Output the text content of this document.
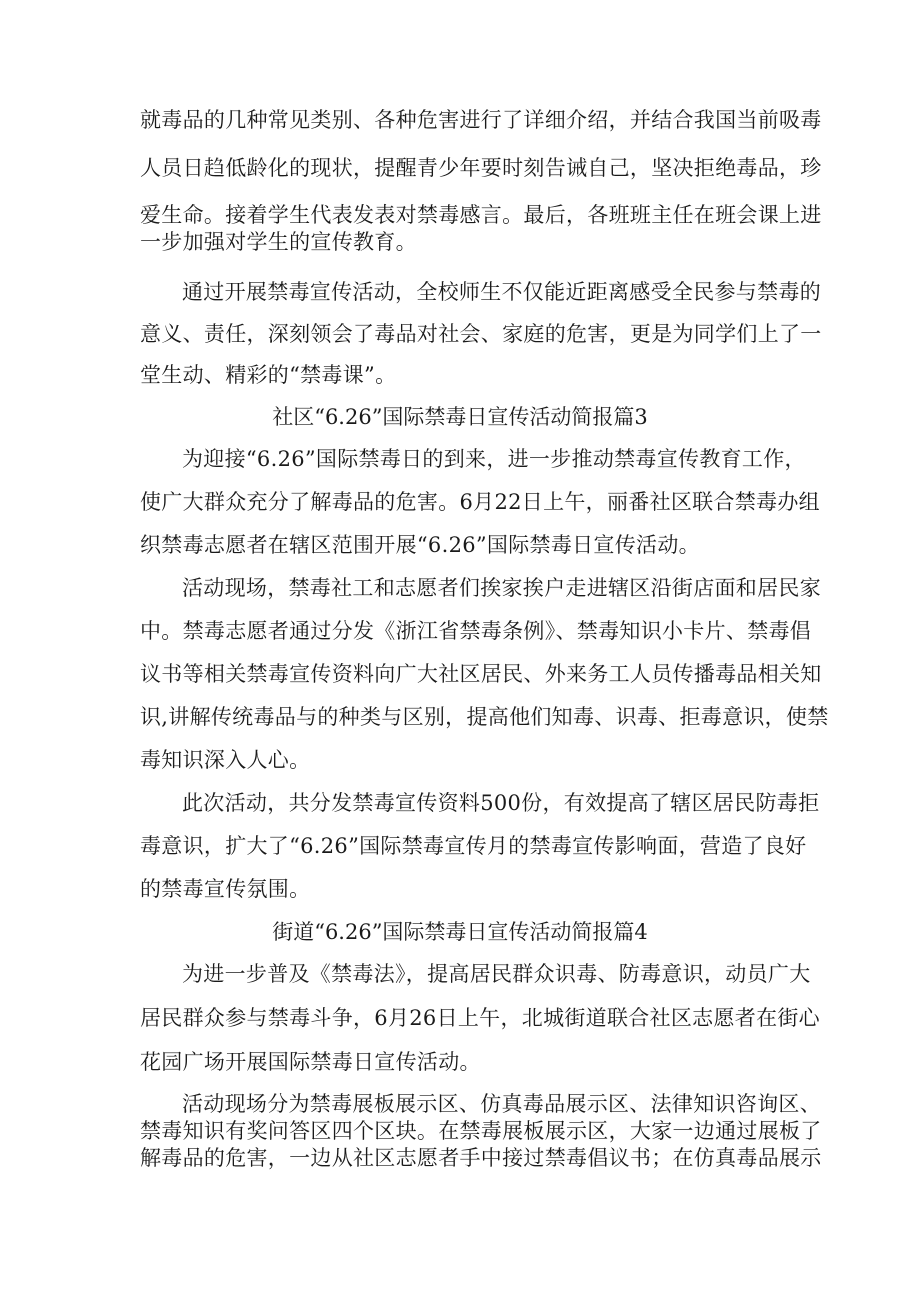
就毒品的几种常见类别、各种危害进行了详细介绍，并结合我国当前吸毒
人员日趋低龄化的现状，提醒青少年要时刻告诫自己，坚决拒绝毒品，珍
爱生命。接着学生代表发表对禁毒感言。最后，各班班主任在班会课上进
一步加强对学生的宣传教育。
通过开展禁毒宣传活动，全校师生不仅能近距离感受全民参与禁毒的
意义、责任，深刻领会了毒品对社会、家庭的危害，更是为同学们上了一
堂生动、精彩的“禁毒课”。
社区“6.26”国际禁毒日宣传活动简报篇3
为迎接“6.26”国际禁毒日的到来，进一步推动禁毒宣传教育工作，
使广大群众充分了解毒品的危害。6月22日上午，丽番社区联合禁毒办组
织禁毒志愿者在辖区范围开展“6.26”国际禁毒日宣传活动。
活动现场，禁毒社工和志愿者们挨家挨户走进辖区沿街店面和居民家
中。禁毒志愿者通过分发《浙江省禁毒条例》、禁毒知识小卡片、禁毒倡
议书等相关禁毒宣传资料向广大社区居民、外来务工人员传播毒品相关知
识,讲解传统毒品与的种类与区别，提高他们知毒、识毒、拒毒意识，使禁
毒知识深入人心。
此次活动，共分发禁毒宣传资料500份，有效提高了辖区居民防毒拒
毒意识，扩大了“6.26”国际禁毒宣传月的禁毒宣传影响面，营造了良好
的禁毒宣传氛围。
街道“6.26”国际禁毒日宣传活动简报篇4
为进一步普及《禁毒法》，提高居民群众识毒、防毒意识，动员广大
居民群众参与禁毒斗争，6月26日上午，北城街道联合社区志愿者在街心
花园广场开展国际禁毒日宣传活动。
活动现场分为禁毒展板展示区、仿真毒品展示区、法律知识咨询区、
禁毒知识有奖问答区四个区块。在禁毒展板展示区，大家一边通过展板了
解毒品的危害，一边从社区志愿者手中接过禁毒倡议书；在仿真毒品展示
